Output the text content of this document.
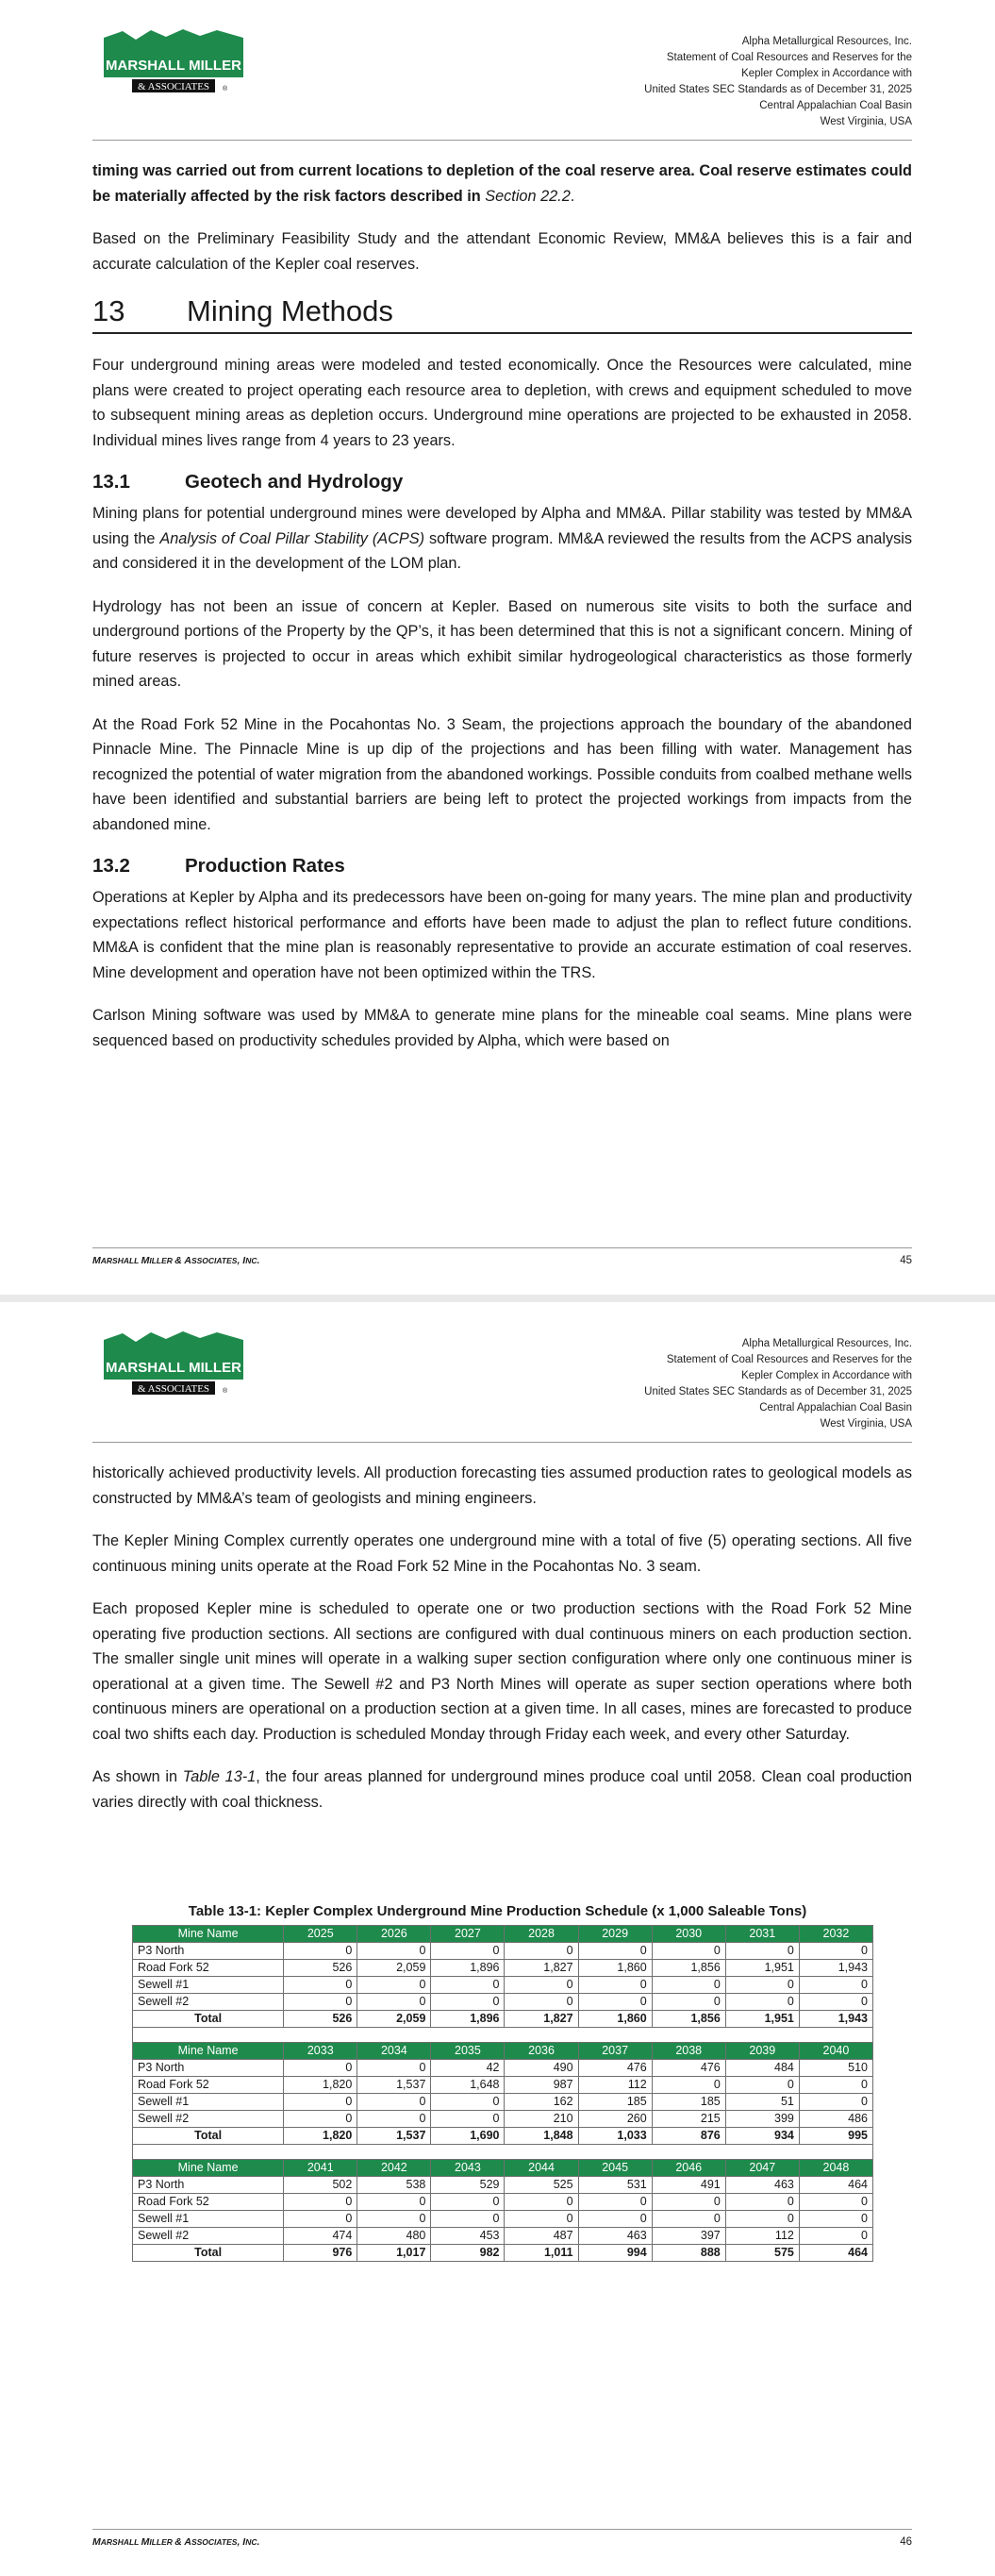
MARSHALL MILLER
& ASSOCIATES ®
Alpha Metallurgical Resources, Inc.
Statement of Coal Resources and Reserves for the
Kepler Complex in Accordance with
United States SEC Standards as of December 31, 2025
Central Appalachian Coal Basin
West Virginia, USA

timing was carried out from current locations to depletion of the coal reserve area. Coal reserve estimates could be materially affected by the risk factors described in Section 22.2.

Based on the Preliminary Feasibility Study and the attendant Economic Review, MM&A believes this is a fair and accurate calculation of the Kepler coal reserves.

13 Mining Methods

Four underground mining areas were modeled and tested economically. Once the Resources were calculated, mine plans were created to project operating each resource area to depletion, with crews and equipment scheduled to move to subsequent mining areas as depletion occurs. Underground mine operations are projected to be exhausted in 2058. Individual mines lives range from 4 years to 23 years.

13.1	Geotech and Hydrology

Mining plans for potential underground mines were developed by Alpha and MM&A. Pillar stability was tested by MM&A using the Analysis of Coal Pillar Stability (ACPS) software program. MM&A reviewed the results from the ACPS analysis and considered it in the development of the LOM plan.

Hydrology has not been an issue of concern at Kepler. Based on numerous site visits to both the surface and underground portions of the Property by the QP’s, it has been determined that this is not a significant concern. Mining of future reserves is projected to occur in areas which exhibit similar hydrogeological characteristics as those formerly mined areas.

At the Road Fork 52 Mine in the Pocahontas No. 3 Seam, the projections approach the boundary of the abandoned Pinnacle Mine. The Pinnacle Mine is up dip of the projections and has been filling with water. Management has recognized the potential of water migration from the abandoned workings. Possible conduits from coalbed methane wells have been identified and substantial barriers are being left to protect the projected workings from impacts from the abandoned mine.

13.2	Production Rates

Operations at Kepler by Alpha and its predecessors have been on-going for many years. The mine plan and productivity expectations reflect historical performance and efforts have been made to adjust the plan to reflect future conditions. MM&A is confident that the mine plan is reasonably representative to provide an accurate estimation of coal reserves. Mine development and operation have not been optimized within the TRS.

Carlson Mining software was used by MM&A to generate mine plans for the mineable coal seams. Mine plans were sequenced based on productivity schedules provided by Alpha, which were based on

MARSHALL MILLER & ASSOCIATES, INC.	45
MARSHALL MILLER
& ASSOCIATES ®
Alpha Metallurgical Resources, Inc.
Statement of Coal Resources and Reserves for the
Kepler Complex in Accordance with
United States SEC Standards as of December 31, 2025
Central Appalachian Coal Basin
West Virginia, USA

historically achieved productivity levels. All production forecasting ties assumed production rates to geological models as constructed by MM&A’s team of geologists and mining engineers.

The Kepler Mining Complex currently operates one underground mine with a total of five (5) operating sections. All five continuous mining units operate at the Road Fork 52 Mine in the Pocahontas No. 3 seam.

Each proposed Kepler mine is scheduled to operate one or two production sections with the Road Fork 52 Mine operating five production sections. All sections are configured with dual continuous miners on each production section. The smaller single unit mines will operate in a walking super section configuration where only one continuous miner is operational at a given time. The Sewell #2 and P3 North Mines will operate as super section operations where both continuous miners are operational on a production section at a given time. In all cases, mines are forecasted to produce coal two shifts each day. Production is scheduled Monday through Friday each week, and every other Saturday.

As shown in Table 13-1, the four areas planned for underground mines produce coal until 2058. Clean coal production varies directly with coal thickness.

Table 13-1: Kepler Complex Underground Mine Production Schedule (x 1,000 Saleable Tons)
Mine Name	2025	2026	2027	2028	2029	2030	2031	2032
P3 North	0	0	0	0	0	0	0	0
Road Fork 52	526	2,059	1,896	1,827	1,860	1,856	1,951	1,943
Sewell #1	0	0	0	0	0	0	0	0
Sewell #2	0	0	0	0	0	0	0	0
Total	526	2,059	1,896	1,827	1,860	1,856	1,951	1,943

Mine Name	2033	2034	2035	2036	2037	2038	2039	2040
P3 North	0	0	42	490	476	476	484	510
Road Fork 52	1,820	1,537	1,648	987	112	0	0	0
Sewell #1	0	0	0	162	185	185	51	0
Sewell #2	0	0	0	210	260	215	399	486
Total	1,820	1,537	1,690	1,848	1,033	876	934	995

Mine Name	2041	2042	2043	2044	2045	2046	2047	2048
P3 North	502	538	529	525	531	491	463	464
Road Fork 52	0	0	0	0	0	0	0	0
Sewell #1	0	0	0	0	0	0	0	0
Sewell #2	474	480	453	487	463	397	112	0
Total	976	1,017	982	1,011	994	888	575	464
MARSHALL MILLER & ASSOCIATES, INC.	46
